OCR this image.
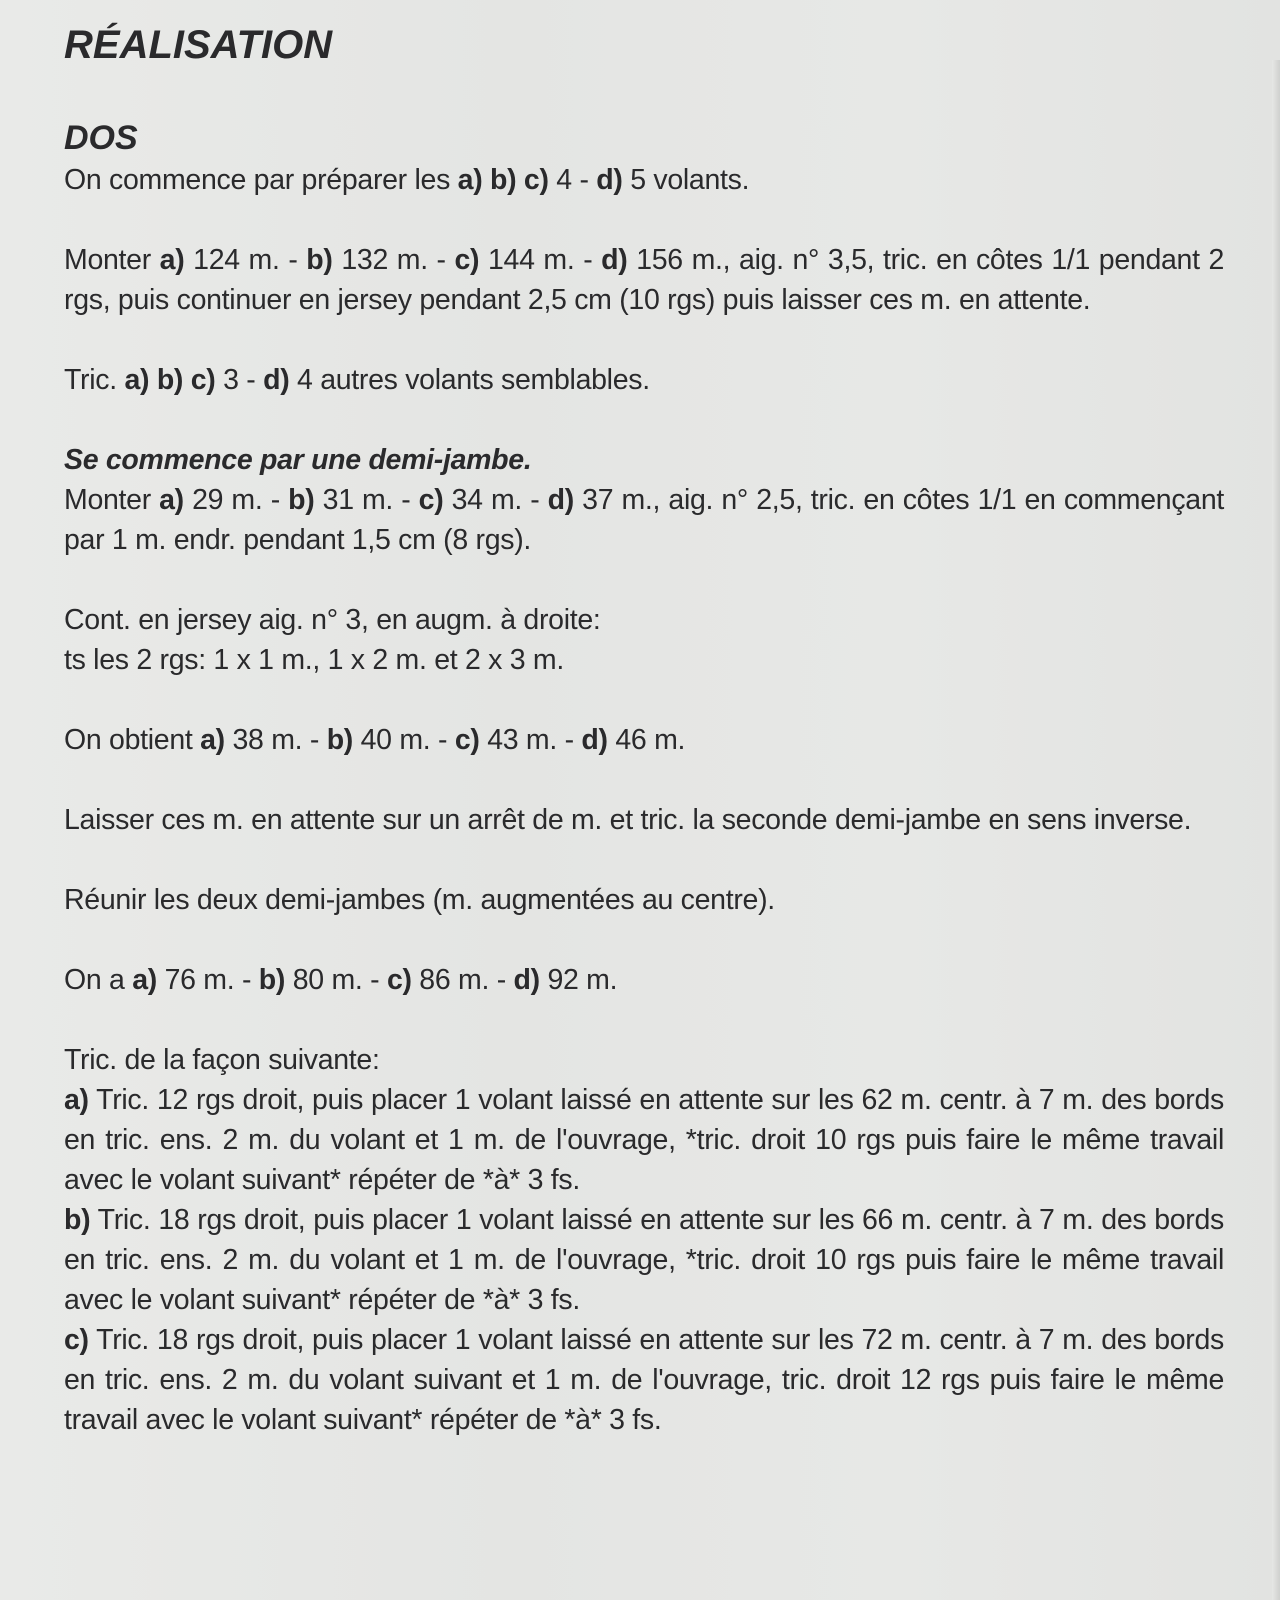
RÉALISATION
DOS

On commence par préparer les a) b) c) 4 - d) 5 volants.

Monter a) 124 m. - b) 132 m. - c) 144 m. - d) 156 m., aig. n° 3,5, tric. en côtes 1/1 pendant 2 rgs, puis continuer en jersey pendant 2,5 cm (10 rgs) puis laisser ces m. en attente.

Tric. a) b) c) 3 - d) 4 autres volants semblables.

Se commence par une demi-jambe.

Monter a) 29 m. - b) 31 m. - c) 34 m. - d) 37 m., aig. n° 2,5, tric. en côtes 1/1 en commençant par 1 m. endr. pendant 1,5 cm (8 rgs).

Cont. en jersey aig. n° 3, en augm. à droite:

ts les 2 rgs: 1 x 1 m., 1 x 2 m. et 2 x 3 m.

On obtient a) 38 m. - b) 40 m. - c) 43 m. - d) 46 m.

Laisser ces m. en attente sur un arrêt de m. et tric. la seconde demi-jambe en sens inverse.

Réunir les deux demi-jambes (m. augmentées au centre).

On a a) 76 m. - b) 80 m. - c) 86 m. - d) 92 m.

Tric. de la façon suivante:

a) Tric. 12 rgs droit, puis placer 1 volant laissé en attente sur les 62 m. centr. à 7 m. des bords en tric. ens. 2 m. du volant et 1 m. de l'ouvrage, *tric. droit 10 rgs puis faire le même travail avec le volant suivant* répéter de *à* 3 fs.

b) Tric. 18 rgs droit, puis placer 1 volant laissé en attente sur les 66 m. centr. à 7 m. des bords en tric. ens. 2 m. du volant et 1 m. de l'ouvrage, *tric. droit 10 rgs puis faire le même travail avec le volant suivant* répéter de *à* 3 fs.

c) Tric. 18 rgs droit, puis placer 1 volant laissé en attente sur les 72 m. centr. à 7 m. des bords en tric. ens. 2 m. du volant suivant et 1 m. de l'ouvrage, tric. droit 12 rgs puis faire le même travail avec le volant suivant* répéter de *à* 3 fs.
